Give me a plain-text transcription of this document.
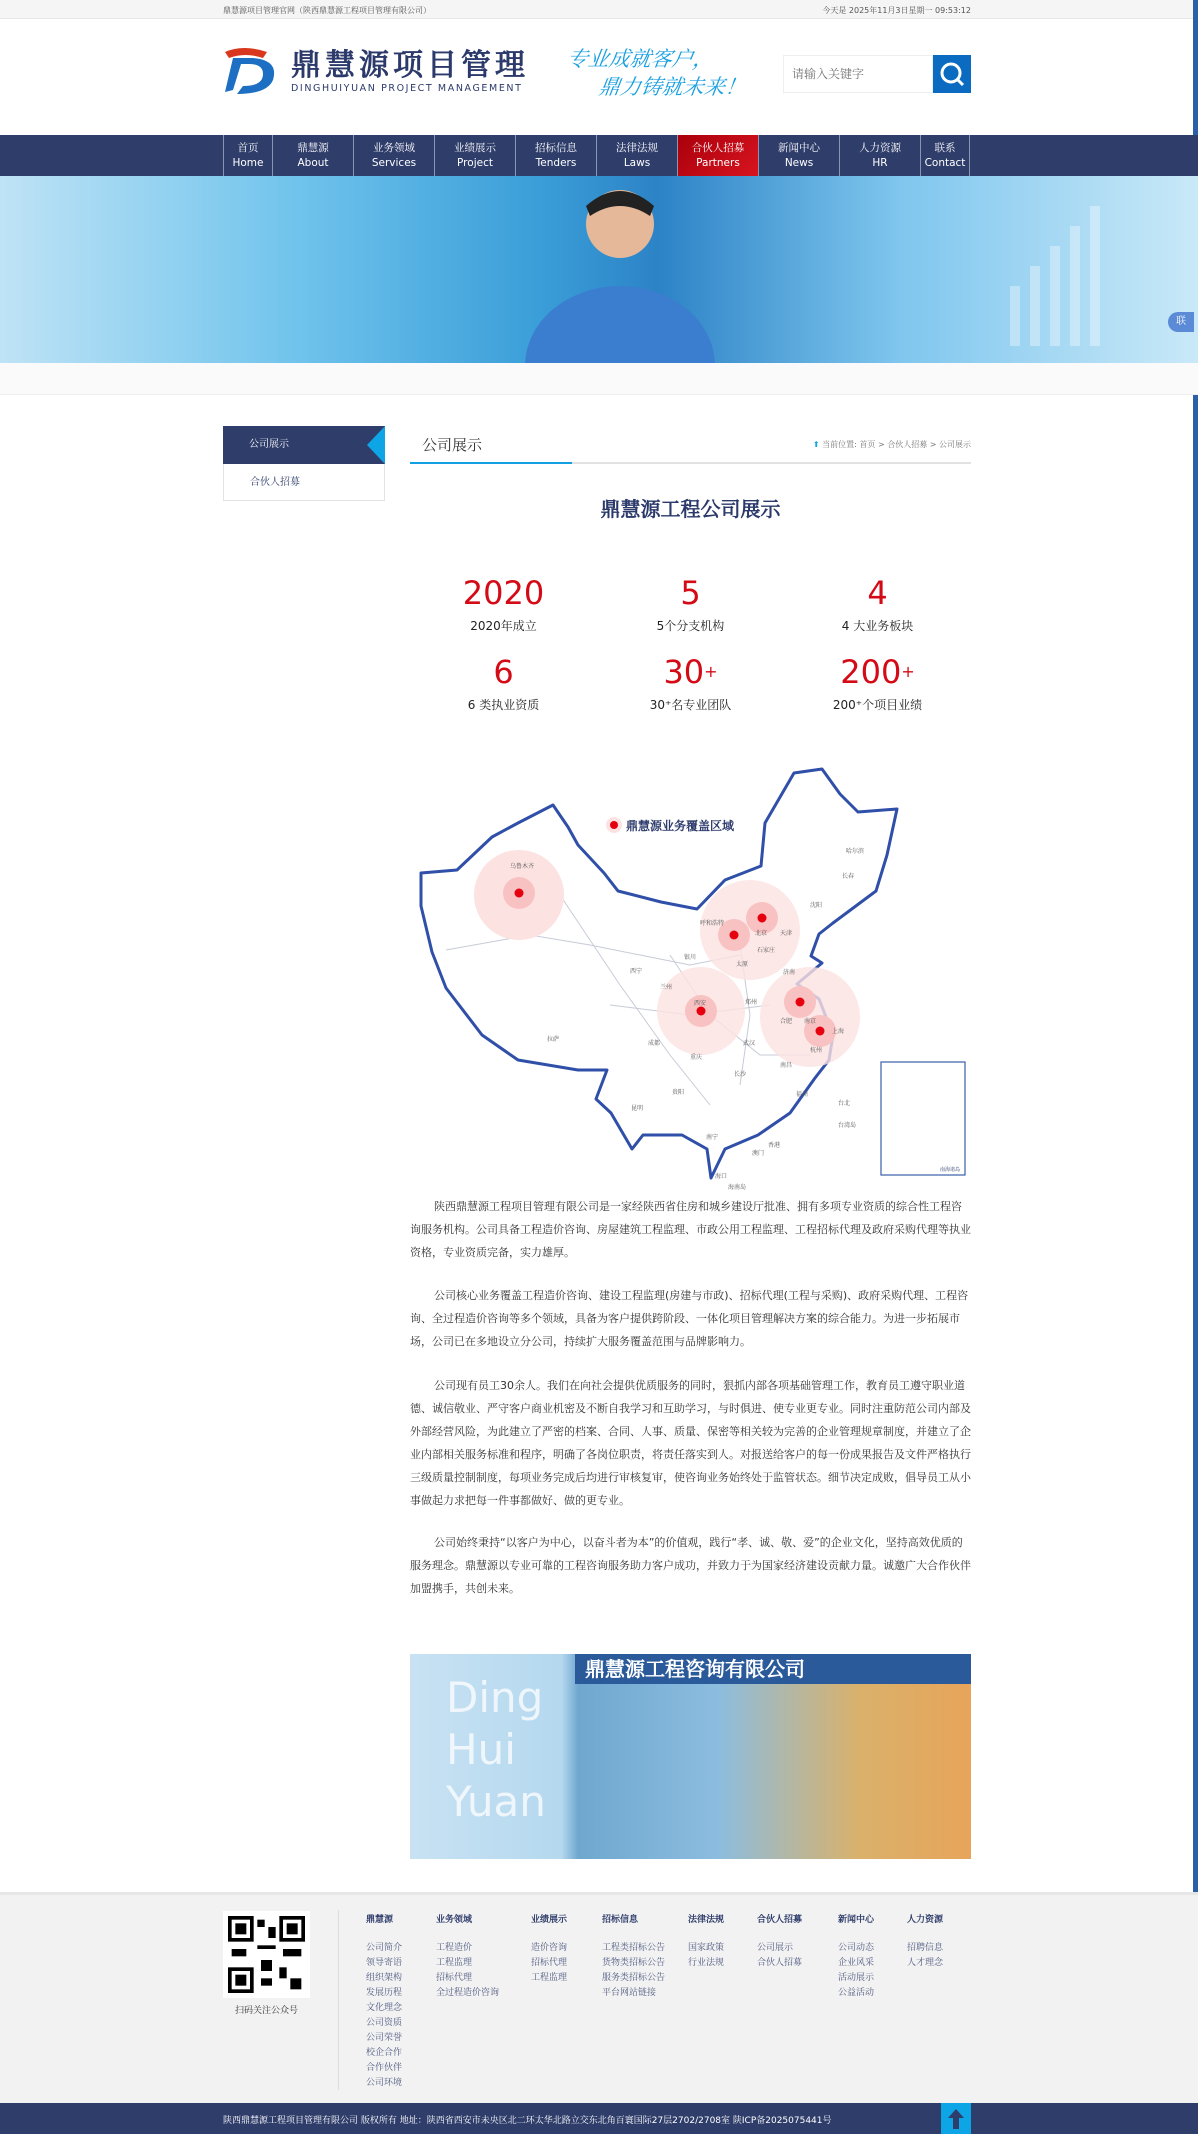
鼎慧源项目管理官网（陕西鼎慧源工程项目管理有限公司）	今天是 2025年11月3日星期一 09:53:12
鼎慧源项目管理
DINGHUIYUAN PROJECT MANAGEMENT
专业成就客户，
鼎力铸就未来！
请输入关键字
首页
Home
鼎慧源
About
业务领域
Services
业绩展示
Project
招标信息
Tenders
法律法规
Laws
合伙人招募
Partners
新闻中心
News
人力资源
HR
联系
Contact
联
公司展示
合伙人招募
公司展示	⬆ 当前位置: 首页 > 合伙人招募 > 公司展示
鼎慧源工程公司展示
2020
2020年成立
5
5个分支机构
4
4 大业务板块
6
6 类执业资质
30+
30⁺名专业团队
200+
200⁺个项目业绩
鼎慧源业务覆盖区域
乌鲁木齐
哈尔滨
长春
沈阳
呼和浩特
北京 天津
石家庄
太原
银川
西宁
兰州
济南
郑州
西安
合肥 南京
上海
成都	武汉
杭州
拉萨
重庆
南昌
长沙
贵阳	福州
台北
昆明
南宁
香港
澳门
海口
台湾岛
海南岛
南海诸岛

陕西鼎慧源工程项目管理有限公司是一家经陕西省住房和城乡建设厅批准、拥有多项专业资质的综合性工程咨询服务机构。公司具备工程造价咨询、房屋建筑工程监理、市政公用工程监理、工程招标代理及政府采购代理等执业资格，专业资质完备，实力雄厚。

公司核心业务覆盖工程造价咨询、建设工程监理(房建与市政)、招标代理(工程与采购)、政府采购代理、工程咨询、全过程造价咨询等多个领域，具备为客户提供跨阶段、一体化项目管理解决方案的综合能力。为进一步拓展市场，公司已在多地设立分公司，持续扩大服务覆盖范围与品牌影响力。

公司现有员工30余人。我们在向社会提供优质服务的同时，狠抓内部各项基础管理工作，教育员工遵守职业道德、诚信敬业、严守客户商业机密及不断自我学习和互助学习，与时俱进、使专业更专业。同时注重防范公司内部及外部经营风险，为此建立了严密的档案、合同、人事、质量、保密等相关较为完善的企业管理规章制度，并建立了企业内部相关服务标准和程序，明确了各岗位职责，将责任落实到人。对报送给客户的每一份成果报告及文件严格执行三级质量控制制度，每项业务完成后均进行审核复审，使咨询业务始终处于监管状态。细节决定成败，倡导员工从小事做起力求把每一件事都做好、做的更专业。

公司始终秉持“以客户为中心，以奋斗者为本”的价值观，践行“孝、诚、敬、爱”的企业文化，坚持高效优质的服务理念。鼎慧源以专业可靠的工程咨询服务助力客户成功，并致力于为国家经济建设贡献力量。诚邀广大合作伙伴加盟携手，共创未来。

鼎慧源工程咨询有限公司
Ding
Hui
Yuan
扫码关注公众号
鼎慧源
公司简介
领导寄语
组织架构
发展历程
文化理念
公司资质
公司荣誉
校企合作
合作伙伴
公司环境
业务领域
工程造价
工程监理
招标代理
全过程造价咨询
业绩展示
造价咨询
招标代理
工程监理
招标信息
工程类招标公告
货物类招标公告
服务类招标公告
平台网站链接
法律法规
国家政策
行业法规
合伙人招募
公司展示
合伙人招募
新闻中心
公司动态
企业风采
活动展示
公益活动
人力资源
招聘信息
人才理念
陕西鼎慧源工程项目管理有限公司 版权所有 地址：陕西省西安市未央区北二环太华北路立交东北角百寰国际27层2702/2708室 陕ICP备2025075441号
